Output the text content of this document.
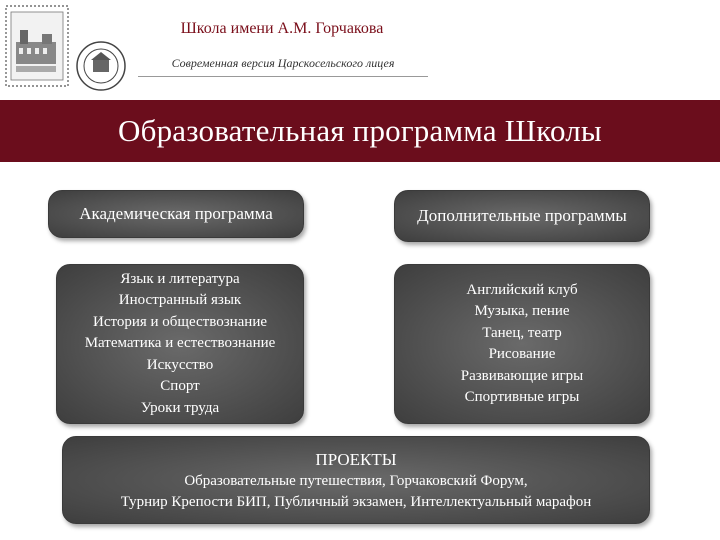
Школа имени А.М. Горчакова
Современная версия Царскосельского лицея
Образовательная программа Школы
Академическая программа	Дополнительные программы
Язык и литература
Иностранный язык
История и обществознание
Математика и естествознание
Искусство
Спорт
Уроки труда
Английский клуб
Музыка, пение
Танец, театр
Рисование
Развивающие игры
Спортивные игры
ПРОЕКТЫ
Образовательные путешествия, Горчаковский Форум,
Турнир Крепости БИП, Публичный экзамен, Интеллектуальный марафон
